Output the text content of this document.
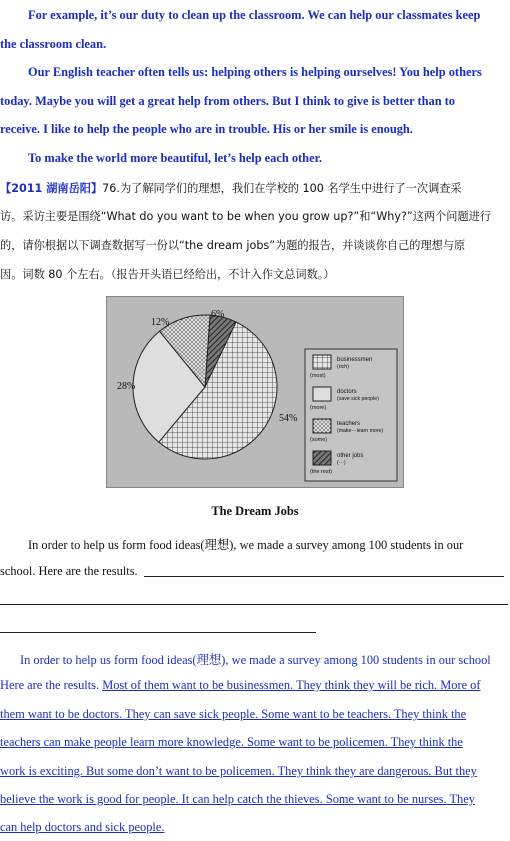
For example, it’s our duty to clean up the classroom. We can help our classmates keep
the classroom clean.
Our English teacher often tells us: helping others is helping ourselves! You help others
today. Maybe you will get a great help from others. But I think to give is better than to
receive. I like to help the people who are in trouble. His or her smile is enough.
To make the world more beautiful, let’s help each other.
【2011 湖南岳阳】76.为了解同学们的理想，我们在学校的 100 名学生中进行了一次调查采
访。采访主要是围绕“What do you want to be when you grow up?”和“Why?”这两个问题进行
的，请你根据以下调查数据写一份以“the dream jobs”为题的报告，并谈谈你自己的理想与原
因。词数 80 个左右。（报告开头语已经给出，不计入作文总词数。）
6%
54%
28%
12%
businessmen
(rich)
(most)
doctors
(save sick people)
(more)
teachers
(make···learn more)
(some)
other jobs
(···)
(the rest)
The Dream Jobs
In order to help us form food ideas(理想), we made a survey among 100 students in our
school. Here are the results.
In order to help us form food ideas(理想), we made a survey among 100 students in our school
Here are the results. Most of them want to be businessmen. They think they will be rich. More of
them want to be doctors. They can save sick people. Some want to be teachers. They think the
teachers can make people learn more knowledge. Some want to be policemen. They think the
work is exciting. But some don’t want to be policemen. They think they are dangerous. But they
believe the work is good for people. It can help catch the thieves. Some want to be nurses. They
can help doctors and sick people.
